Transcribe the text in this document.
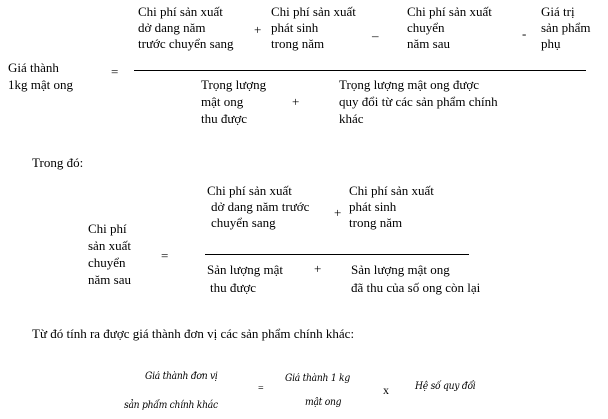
Chi phí sản xuất
dở dang năm
trước chuyển sang
+
Chi phí sản xuất
phát sinh
trong năm
–
Chi phí sản xuất
chuyển
năm sau
-
Giá trị
sản phẩm
phụ
Giá thành
1kg mật ong
=
Trọng lượng
mật ong
thu được
+
Trọng lượng mật ong được
quy đổi từ các sản phẩm chính
khác
Trong đó:
Chi phí sản xuất
dở dang năm trước
chuyển sang
+
Chi phí sản xuất
phát sinh
trong năm
Chi phí
sản xuất
chuyển
năm sau
=
Sản lượng mật
thu được
+ Sản lượng mật ong
đã thu của số ong còn lại
Từ đó tính ra được giá thành đơn vị các sản phẩm chính khác:
Giá thành đơn vị
sản phẩm chính khác
=
Giá thành 1 kg
mật ong
x	Hệ số quy đổi
